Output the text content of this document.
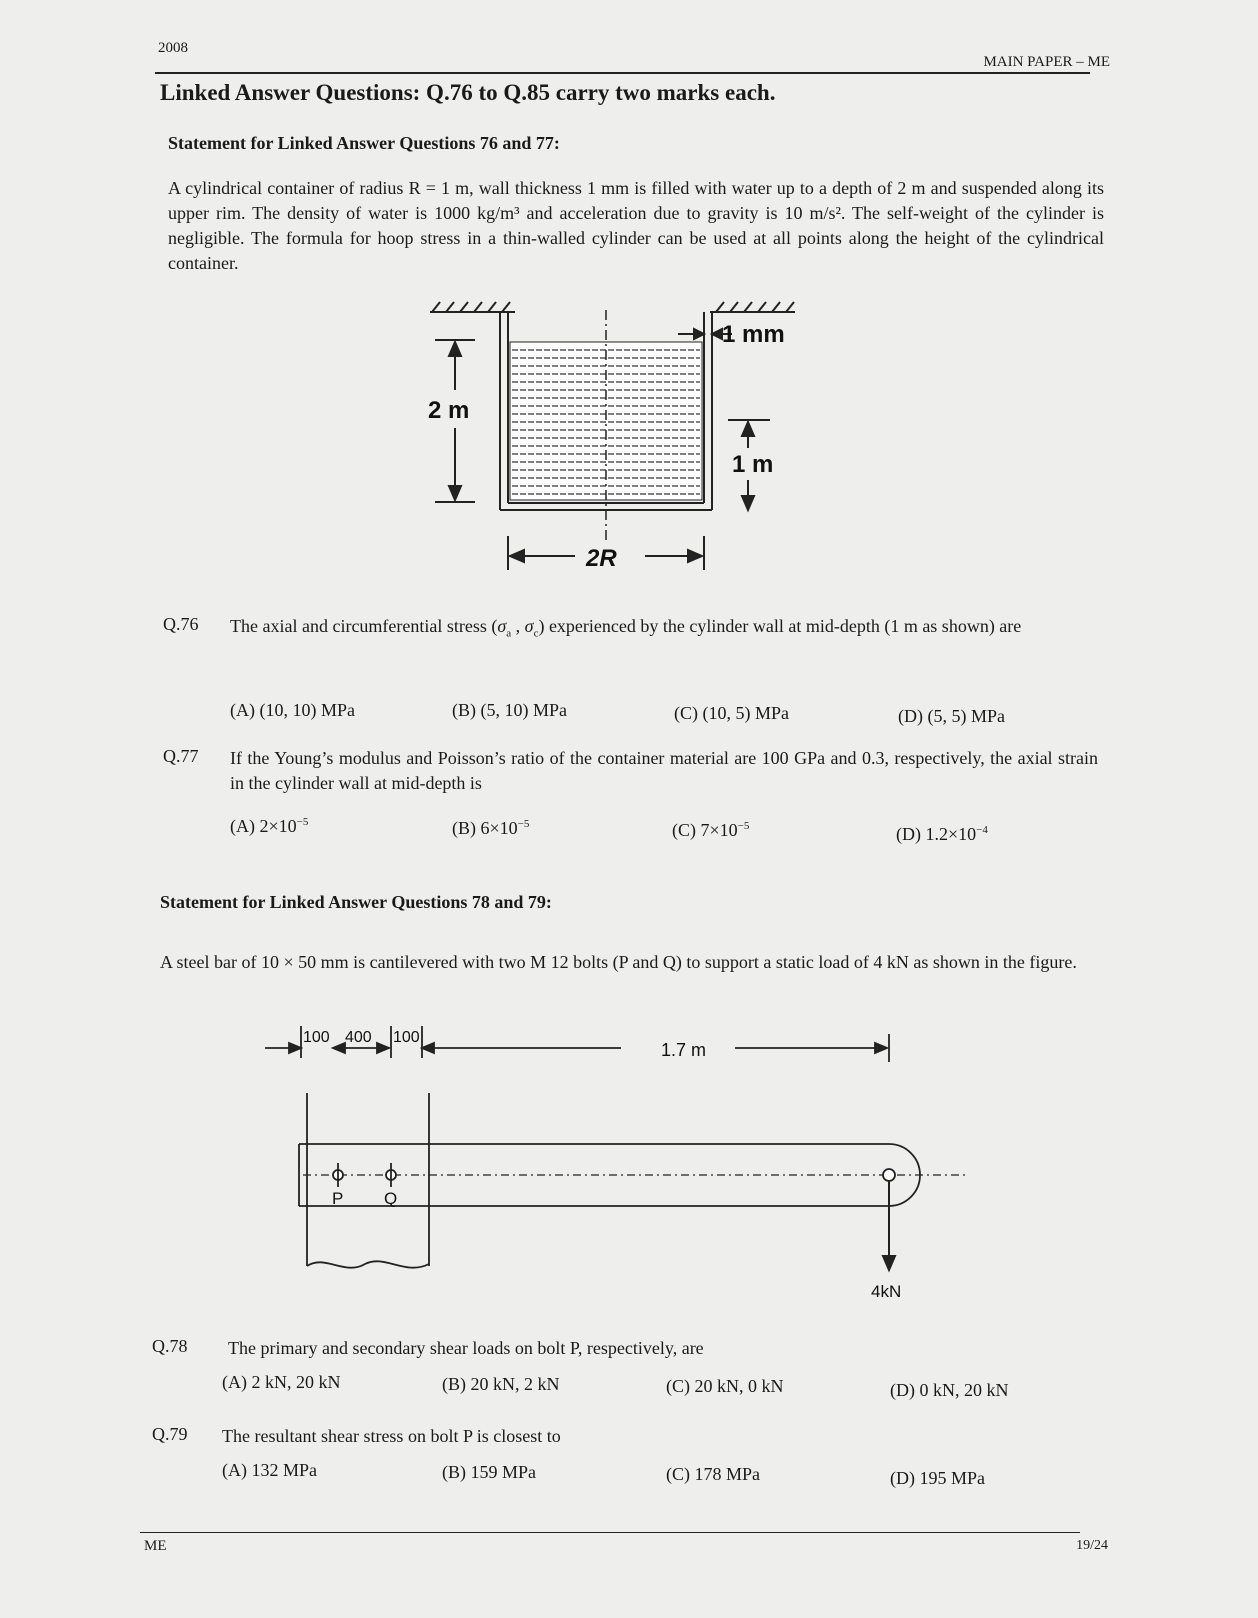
2008
MAIN PAPER – ME
Linked Answer Questions: Q.76 to Q.85 carry two marks each.
Statement for Linked Answer Questions 76 and 77:
A cylindrical container of radius R = 1 m, wall thickness 1 mm is filled with water up to a depth of 2 m and suspended along its upper rim. The density of water is 1000 kg/m³ and acceleration due to gravity is 10 m/s². The self-weight of the cylinder is negligible. The formula for hoop stress in a thin-walled cylinder can be used at all points along the height of the cylindrical container.
1 mm
2 m
1 m
2R
Q.76 The axial and circumferential stress ($\sigma_a$ , $\sigma_c$) experienced by the cylinder wall at mid-depth (1 m as shown) are
(A) (10, 10) MPa	(B) (5, 10) MPa	(C) (10, 5) MPa	(D) (5, 5) MPa
Q.77 If the Young’s modulus and Poisson’s ratio of the container material are 100 GPa and 0.3, respectively, the axial strain in the cylinder wall at mid-depth is
(A) $2\times 10^{-5}$	(B) $6\times 10^{-5}$	(C) $7\times 10^{-5}$	(D) $1.2\times 10^{-4}$
Statement for Linked Answer Questions 78 and 79:
A steel bar of 10 × 50 mm is cantilevered with two M 12 bolts (P and Q) to support a static load of 4 kN as shown in the figure.
100 400 100
1.7 m
P Q
4kN
Q.78 The primary and secondary shear loads on bolt P, respectively, are
(A) 2 kN, 20 kN	(B) 20 kN, 2 kN	(C) 20 kN, 0 kN	(D) 0 kN, 20 kN
Q.79 The resultant shear stress on bolt P is closest to
(A) 132 MPa	(B) 159 MPa	(C) 178 MPa	(D) 195 MPa
ME	19/24
